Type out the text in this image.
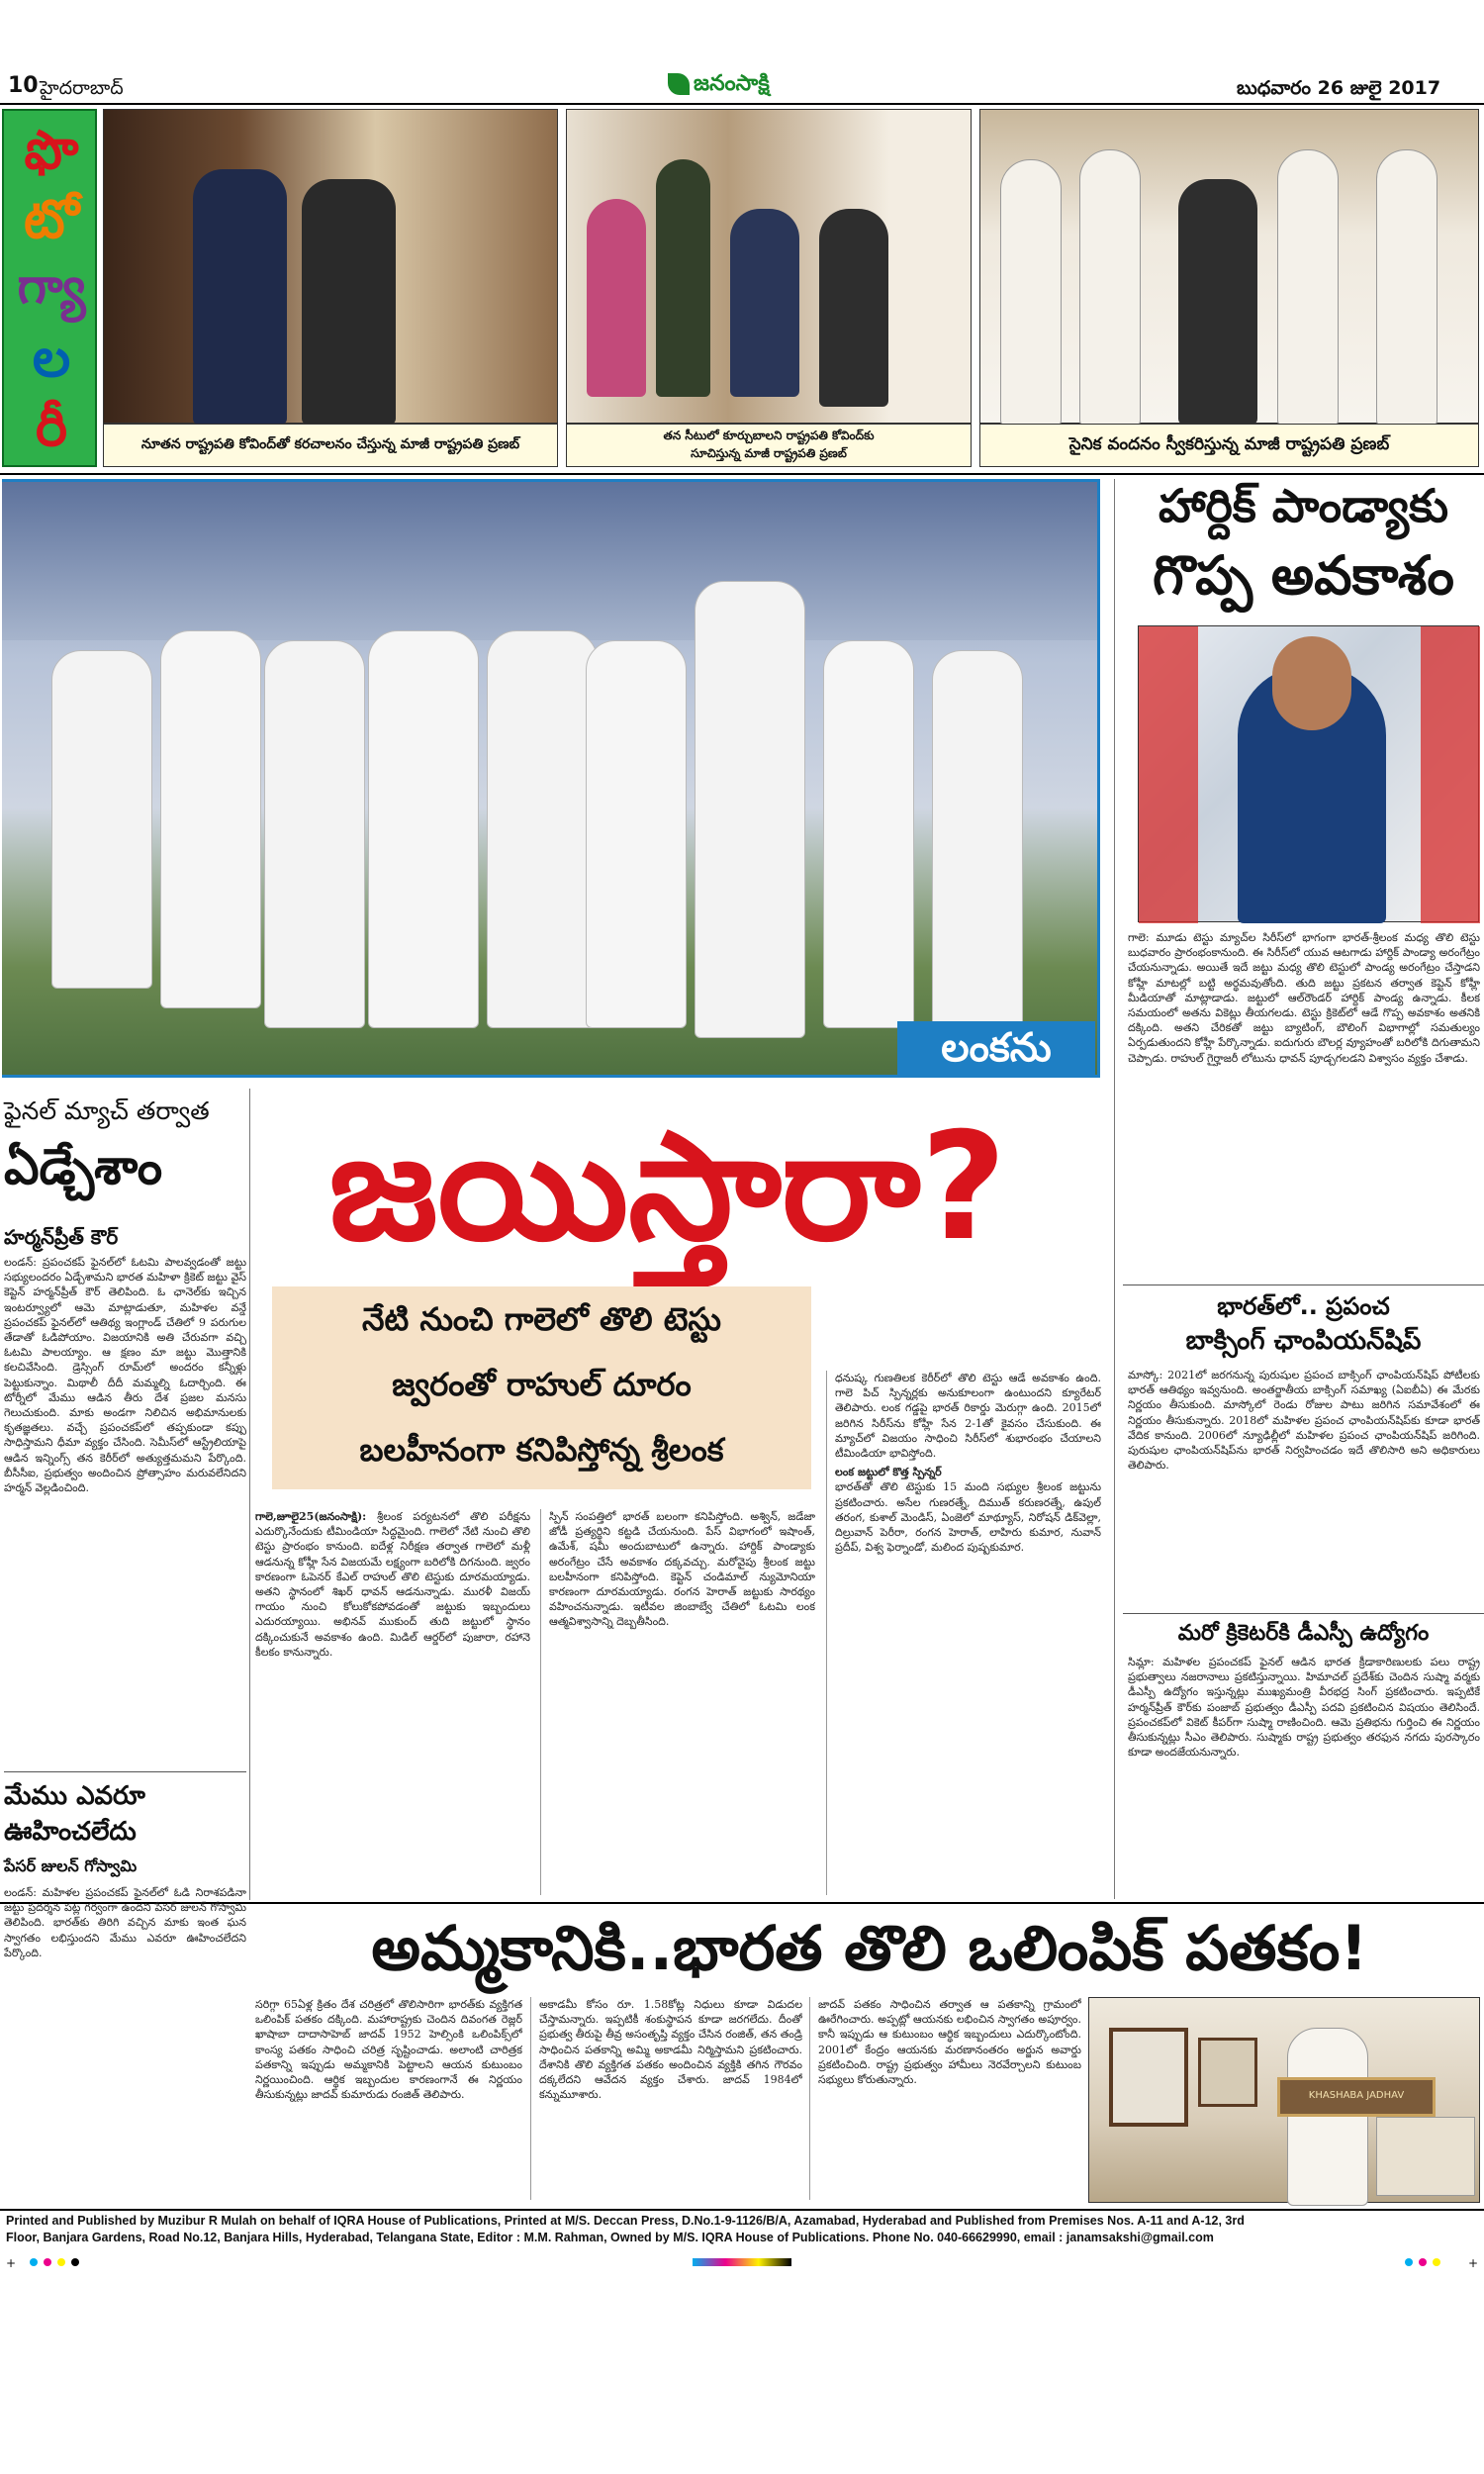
10 హైదరాబాద్	జనంసాక్షి	బుధవారం 26 జులై 2017
ఫొ
టో
గ్యా
ల
రీ	నూతన రాష్ట్రపతి కోవింద్‌తో కరచాలనం చేస్తున్న మాజీ రాష్ట్రపతి ప్రణబ్
తన సీటులో కూర్చుబాలని రాష్ట్రపతి కోవింద్‌కు
సూచిస్తున్న మాజీ రాష్ట్రపతి ప్రణబ్	సైనిక వందనం స్వీకరిస్తున్న మాజీ రాష్ట్రపతి ప్రణబ్
లంకను
జయిస్తారా?
నేటి నుంచి గాలెలో తొలి టెస్టు
జ్వరంతో రాహుల్ దూరం
బలహీనంగా కనిపిస్తోన్న శ్రీలంక
గాలె,జూలై25(జనంసాక్షి): శ్రీలంక పర్యటనలో తొలి పరీక్షను ఎదుర్కొనేందుకు టీమిండియా సిద్ధమైంది. గాలెలో నేటి నుంచి తొలి టెస్టు ప్రారంభం కానుంది. ఐదేళ్ల నిరీక్షణ తర్వాత గాలెలో మళ్లీ ఆడనున్న కోహ్లీ సేన విజయమే లక్ష్యంగా బరిలోకి దిగనుంది. జ్వరం కారణంగా ఓపెనర్ కేఎల్ రాహుల్ తొలి టెస్టుకు దూరమయ్యాడు. అతని స్థానంలో శిఖర్ ధావన్ ఆడనున్నాడు. మురళీ విజయ్ గాయం నుంచి కోలుకోకపోవడంతో జట్టుకు ఇబ్బందులు ఎదురయ్యాయి. అభినవ్ ముకుంద్ తుది జట్టులో స్థానం దక్కించుకునే అవకాశం ఉంది. మిడిల్ ఆర్డర్‌లో పుజారా, రహానె కీలకం కానున్నారు.
స్పిన్ సంపత్తిలో భారత్ బలంగా కనిపిస్తోంది. అశ్విన్, జడేజా జోడీ ప్రత్యర్థిని కట్టడి చేయనుంది. పేస్ విభాగంలో ఇషాంత్, ఉమేశ్, షమీ అందుబాటులో ఉన్నారు. హార్దిక్ పాండ్యాకు అరంగేట్రం చేసే అవకాశం దక్కవచ్చు. మరోవైపు శ్రీలంక జట్టు బలహీనంగా కనిపిస్తోంది. కెప్టెన్ చండిమాల్ న్యుమోనియా కారణంగా దూరమయ్యాడు. రంగన హెరాత్ జట్టుకు సారథ్యం వహించనున్నాడు. ఇటీవల జింబాబ్వే చేతిలో ఓటమి లంక ఆత్మవిశ్వాసాన్ని దెబ్బతీసింది.
ధనుష్క గుణతిలక కెరీర్‌లో తొలి టెస్టు ఆడే అవకాశం ఉంది. గాలె పిచ్ స్పిన్నర్లకు అనుకూలంగా ఉంటుందని క్యూరేటర్ తెలిపారు. లంక గడ్డపై భారత్ రికార్డు మెరుగ్గా ఉంది. 2015లో జరిగిన సిరీస్‌ను కోహ్లీ సేన 2-1తో కైవసం చేసుకుంది. ఈ మ్యాచ్‌లో విజయం సాధించి సిరీస్‌లో శుభారంభం చేయాలని టీమిండియా భావిస్తోంది.
లంక జట్టులో కొత్త స్పిన్నర్
భారత్‌తో తొలి టెస్టుకు 15 మంది సభ్యుల శ్రీలంక జట్టును ప్రకటించారు. అసేల గుణరత్నే, దిముత్ కరుణరత్నే, ఉపుల్ తరంగ, కుశాల్ మెండిస్, ఏంజెలో మాథ్యూస్, నిరోషన్ డిక్‌వెల్లా, దిల్రువాన్ పెరీరా, రంగన హెరాత్, లాహిరు కుమార, నువాన్ ప్రదీప్, విశ్వ ఫెర్నాండో, మలింద పుష్పకుమార.
ఫైనల్ మ్యాచ్ తర్వాత
ఏడ్చేశాం
హర్మన్‌ప్రీత్ కౌర్
లండన్: ప్రపంచకప్ ఫైనల్‌లో ఓటమి పాలవ్వడంతో జట్టు సభ్యులందరం ఏడ్చేశామని భారత మహిళా క్రికెట్ జట్టు వైస్ కెప్టెన్ హర్మన్‌ప్రీత్ కౌర్ తెలిపింది. ఓ ఛానెల్‌కు ఇచ్చిన ఇంటర్వ్యూలో ఆమె మాట్లాడుతూ, మహిళల వన్డే ప్రపంచకప్ ఫైనల్‌లో ఆతిథ్య ఇంగ్లాండ్ చేతిలో 9 పరుగుల తేడాతో ఓడిపోయాం. విజయానికి అతి చేరువగా వచ్చి ఓటమి పాలయ్యాం. ఆ క్షణం మా జట్టు మొత్తానికి కలచివేసింది. డ్రెస్సింగ్ రూమ్‌లో అందరం కన్నీళ్లు పెట్టుకున్నాం. మిథాలీ దీదీ మమ్మల్ని ఓదార్చింది. ఈ టోర్నీలో మేము ఆడిన తీరు దేశ ప్రజల మనసు గెలుచుకుంది. మాకు అండగా నిలిచిన అభిమానులకు కృతజ్ఞతలు. వచ్చే ప్రపంచకప్‌లో తప్పకుండా కప్పు సాధిస్తామని ధీమా వ్యక్తం చేసింది. సెమీస్‌లో ఆస్ట్రేలియాపై ఆడిన ఇన్నింగ్స్ తన కెరీర్‌లో అత్యుత్తమమని పేర్కొంది. బీసీసీఐ, ప్రభుత్వం అందించిన ప్రోత్సాహం మరువలేనిదని హర్మన్ వెల్లడించింది.
మేము ఎవరూ
ఊహించలేదు
పేసర్ జులన్ గోస్వామి
హార్దిక్ పాండ్యాకు
గొప్ప అవకాశం
గాలె: మూడు టెస్టు మ్యాచ్‌ల సిరీస్‌లో భాగంగా భారత్-శ్రీలంక మధ్య తొలి టెస్టు బుధవారం ప్రారంభంకానుంది. ఈ సిరీస్‌లో యువ ఆటగాడు హార్దిక్ పాండ్యా అరంగేట్రం చేయనున్నాడు. అయితే ఇదే జట్టు మధ్య తొలి టెస్టులో పాండ్య అరంగేట్రం చేస్తాడని కోహ్లీ మాటల్లో బట్టి అర్థమవుతోంది. తుది జట్టు ప్రకటన తర్వాత కెప్టెన్ కోహ్లీ మీడియాతో మాట్లాడాడు. జట్టులో ఆల్‌రౌండర్ హార్దిక్ పాండ్య ఉన్నాడు. కీలక సమయంలో అతను వికెట్లు తీయగలడు. టెస్టు క్రికెట్‌లో ఆడే గొప్ప అవకాశం అతనికి దక్కింది. అతని చేరికతో జట్టు బ్యాటింగ్, బౌలింగ్ విభాగాల్లో సమతుల్యం ఏర్పడుతుందని కోహ్లీ పేర్కొన్నాడు. ఐదుగురు బౌలర్ల వ్యూహంతో బరిలోకి దిగుతామని చెప్పాడు. రాహుల్ గైర్హాజరీ లోటును ధావన్ పూడ్చగలడని విశ్వాసం వ్యక్తం చేశాడు.
భారత్‌లో.. ప్రపంచ
బాక్సింగ్ ఛాంపియన్‌షిప్
మాస్కో: 2021లో జరగనున్న పురుషుల ప్రపంచ బాక్సింగ్ ఛాంపియన్‌షిప్ పోటీలకు భారత్ ఆతిథ్యం ఇవ్వనుంది. అంతర్జాతీయ బాక్సింగ్ సమాఖ్య (ఏఐబీఏ) ఈ మేరకు నిర్ణయం తీసుకుంది. మాస్కోలో రెండు రోజుల పాటు జరిగిన సమావేశంలో ఈ నిర్ణయం తీసుకున్నారు. 2018లో మహిళల ప్రపంచ ఛాంపియన్‌షిప్‌కు కూడా భారత్ వేదిక కానుంది. 2006లో న్యూఢిల్లీలో మహిళల ప్రపంచ ఛాంపియన్‌షిప్ జరిగింది. పురుషుల ఛాంపియన్‌షిప్‌ను భారత్ నిర్వహించడం ఇదే తొలిసారి అని అధికారులు తెలిపారు.
మరో క్రికెటర్‌కి డీఎస్పీ ఉద్యోగం
సిమ్లా: మహిళల ప్రపంచకప్ ఫైనల్ ఆడిన భారత క్రీడాకారిణులకు పలు రాష్ట్ర ప్రభుత్వాలు నజరానాలు ప్రకటిస్తున్నాయి. హిమాచల్ ప్రదేశ్‌కు చెందిన సుష్మా వర్మకు డీఎస్పీ ఉద్యోగం ఇస్తున్నట్లు ముఖ్యమంత్రి వీరభద్ర సింగ్ ప్రకటించారు. ఇప్పటికే హర్మన్‌ప్రీత్ కౌర్‌కు పంజాబ్ ప్రభుత్వం డీఎస్పీ పదవి ప్రకటించిన విషయం తెలిసిందే. ప్రపంచకప్‌లో వికెట్ కీపర్‌గా సుష్మా రాణించింది. ఆమె ప్రతిభను గుర్తించి ఈ నిర్ణయం తీసుకున్నట్లు సీఎం తెలిపారు. సుష్మాకు రాష్ట్ర ప్రభుత్వం తరఫున నగదు పురస్కారం కూడా అందజేయనున్నారు.
అమ్మకానికి..భారత తొలి ఒలింపిక్ పతకం!
లండన్: మహిళల ప్రపంచకప్ ఫైనల్‌లో ఓడి నిరాశపడినా జట్టు ప్రదర్శన పట్ల గర్వంగా ఉందని పేసర్ జులన్ గోస్వామి తెలిపింది. భారత్‌కు తిరిగి వచ్చిన మాకు ఇంత ఘన స్వాగతం లభిస్తుందని మేము ఎవరూ ఊహించలేదని పేర్కొంది.
సరిగ్గా 65ఏళ్ల క్రితం దేశ చరిత్రలో తొలిసారిగా భారత్‌కు వ్యక్తిగత ఒలింపిక్ పతకం దక్కింది. మహారాష్ట్రకు చెందిన దివంగత రెజ్లర్ ఖాషాబా దాదాసాహెబ్ జాదవ్ 1952 హెల్సింకి ఒలింపిక్స్‌లో కాంస్య పతకం సాధించి చరిత్ర సృష్టించాడు. అలాంటి చారిత్రక పతకాన్ని ఇప్పుడు అమ్మకానికి పెట్టాలని ఆయన కుటుంబం నిర్ణయించింది. ఆర్థిక ఇబ్బందుల కారణంగానే ఈ నిర్ణయం తీసుకున్నట్లు జాదవ్ కుమారుడు రంజిత్ తెలిపారు.
అకాడమీ కోసం రూ. 1.58కోట్ల నిధులు కూడా విడుదల చేస్తామన్నారు. ఇప్పటికీ శంకుస్థాపన కూడా జరగలేదు. దీంతో ప్రభుత్వ తీరుపై తీవ్ర అసంతృప్తి వ్యక్తం చేసిన రంజిత్, తన తండ్రి సాధించిన పతకాన్ని అమ్మి అకాడమీ నిర్మిస్తామని ప్రకటించారు. దేశానికి తొలి వ్యక్తిగత పతకం అందించిన వ్యక్తికి తగిన గౌరవం దక్కలేదని ఆవేదన వ్యక్తం చేశారు. జాదవ్ 1984లో కన్నుమూశారు.
జాదవ్ పతకం సాధించిన తర్వాత ఆ పతకాన్ని గ్రామంలో ఊరేగించారు. అప్పట్లో ఆయనకు లభించిన స్వాగతం అపూర్వం. కానీ ఇప్పుడు ఆ కుటుంబం ఆర్థిక ఇబ్బందులు ఎదుర్కొంటోంది. 2001లో కేంద్రం ఆయనకు మరణానంతరం అర్జున అవార్డు ప్రకటించింది. రాష్ట్ర ప్రభుత్వం హామీలు నెరవేర్చాలని కుటుంబ సభ్యులు కోరుతున్నారు.
KHASHABA JADHAV
Printed and Published by Muzibur R Mulah on behalf of IQRA House of Publications, Printed at M/S. Deccan Press, D.No.1-9-1126/B/A, Azamabad, Hyderabad and Published from Premises Nos. A-11 and A-12, 3rd
Floor, Banjara Gardens, Road No.12, Banjara Hills, Hyderabad, Telangana State, Editor : M.M. Rahman, Owned by M/S. IQRA House of Publications. Phone No. 040-66629990, email : janamsakshi@gmail.com
+	+
